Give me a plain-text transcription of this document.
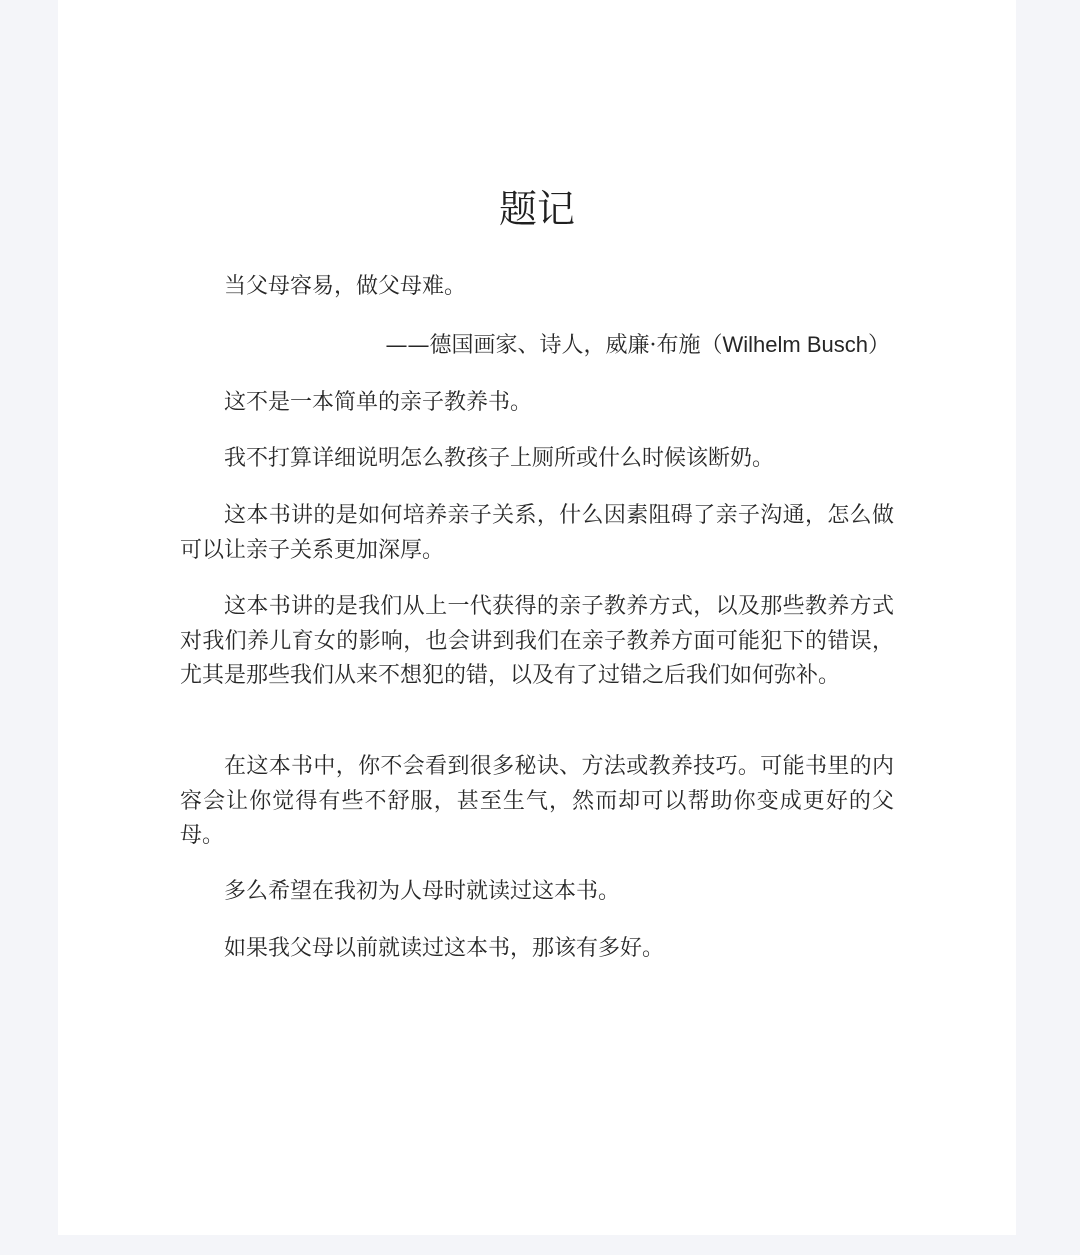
题记

当父母容易，做父母难。

——德国画家、诗人，威廉·布施（Wilhelm Busch）

这不是一本简单的亲子教养书。

我不打算详细说明怎么教孩子上厕所或什么时候该断奶。

这本书讲的是如何培养亲子关系，什么因素阻碍了亲子沟通，怎么做可以让亲子关系更加深厚。

这本书讲的是我们从上一代获得的亲子教养方式，以及那些教养方式对我们养儿育女的影响，也会讲到我们在亲子教养方面可能犯下的错误，尤其是那些我们从来不想犯的错，以及有了过错之后我们如何弥补。

在这本书中，你不会看到很多秘诀、方法或教养技巧。可能书里的内容会让你觉得有些不舒服，甚至生气，然而却可以帮助你变成更好的父母。

多么希望在我初为人母时就读过这本书。

如果我父母以前就读过这本书，那该有多好。
